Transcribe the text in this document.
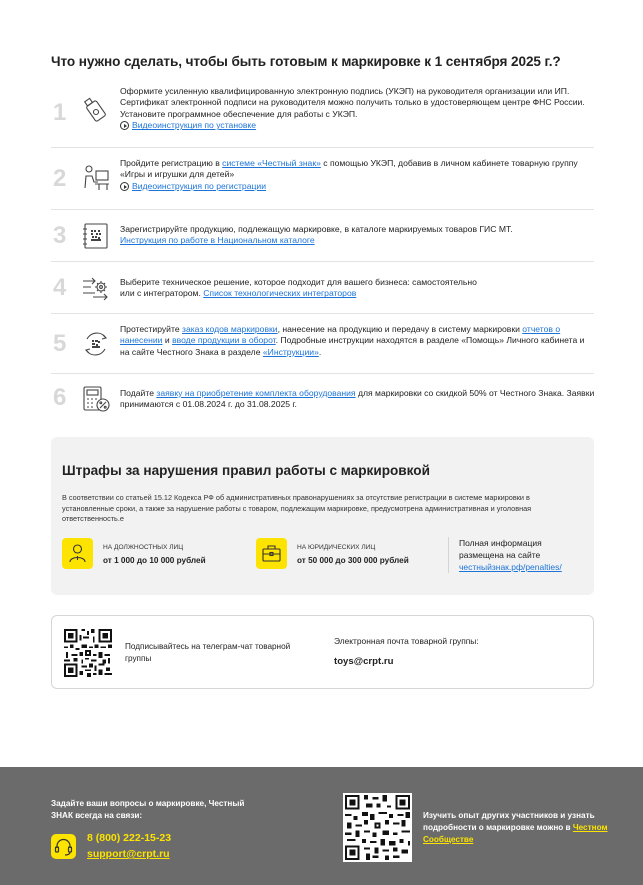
Что нужно сделать, чтобы быть готовым к маркировке к 1 сентября 2025 г.?
1
Оформите усиленную квалифицированную электронную подпись (УКЭП) на руководителя организации или ИП. Сертификат электронной подписи на руководителя можно получить только в удостоверяющем центре ФНС России. Установите программное обеспечение для работы с УКЭП.

Видеоинструкция по установке
2
Пройдите регистрацию в системе «Честный знак» с помощью УКЭП, добавив в личном кабинете товарную группу «Игры и игрушки для детей»

Видеоинструкция по регистрации
3	Зарегистрируйте продукцию, подлежащую маркировке, в каталоге маркируемых товаров ГИС МТ.
Инструкция по работе в Национальном каталоге
4	Выберите техническое решение, которое подходит для вашего бизнеса: самостоятельно
или с интегратором. Список технологических интеграторов
5
Протестируйте заказ кодов маркировки, нанесение на продукцию и передачу в систему маркировки отчетов о нанесении и вводе продукции в оборот. Подробные инструкции находятся в разделе «Помощь» Личного кабинета и на сайте Честного Знака в разделе «Инструкции».
6	Подайте заявку на приобретение комплекта оборудования для маркировки со скидкой 50% от Честного Знака. Заявки принимаются с 01.08.2024 г. до 31.08.2025 г.
Штрафы за нарушения правил работы с маркировкой
В соответствии со статьей 15.12 Кодекса РФ об административных правонарушениях за отсутствие регистрации в системе маркировки в установленные сроки, а также за нарушение работы с товаром, подлежащим маркировке, предусмотрена административная и уголовная ответственность.е
НА ДОЛЖНОСТНЫХ ЛИЦ
от 1 000 до 10 000 рублей
НА ЮРИДИЧЕСКИХ ЛИЦ
от 50 000 до 300 000 рублей
Полная информация размещена на сайте
честныйзнак.рф/penalties/
Подписывайтесь на телеграм-чат товарной группы
Электронная почта товарной группы:
toys@crpt.ru
Задайте ваши вопросы о маркировке, Честный ЗНАК всегда на связи:
8 (800) 222-15-23
support@crpt.ru
Изучить опыт других участников и узнать подробности о маркировке можно в Честном Сообществе
